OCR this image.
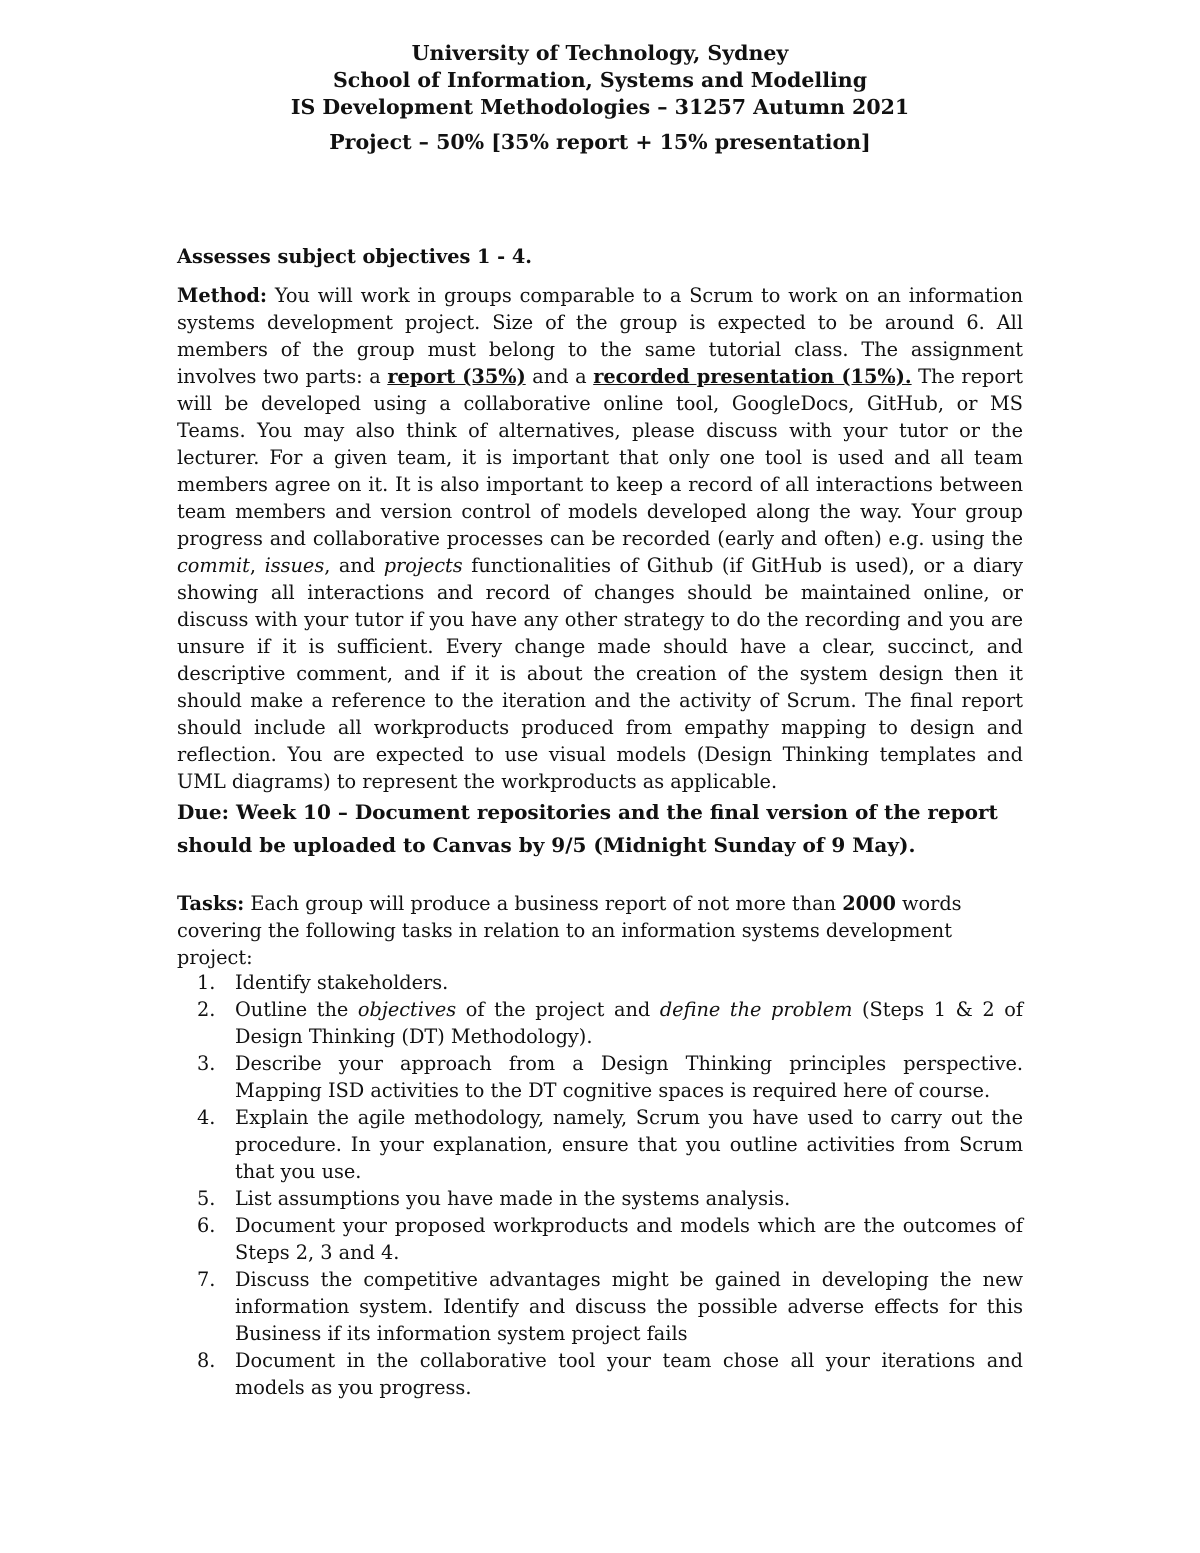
University of Technology, Sydney
School of Information, Systems and Modelling
IS Development Methodologies – 31257 Autumn 2021
Project – 50% [35% report + 15% presentation]
Assesses subject objectives 1 - 4.
Method: You will work in groups comparable to a Scrum to work on an information systems development project. Size of the group is expected to be around 6. All members of the group must belong to the same tutorial class. The assignment involves two parts: a report (35%) and a recorded presentation (15%). The report will be developed using a collaborative online tool, GoogleDocs, GitHub, or MS Teams. You may also think of alternatives, please discuss with your tutor or the lecturer. For a given team, it is important that only one tool is used and all team members agree on it. It is also important to keep a record of all interactions between team members and version control of models developed along the way. Your group progress and collaborative processes can be recorded (early and often) e.g. using the commit, issues, and projects functionalities of Github (if GitHub is used), or a diary showing all interactions and record of changes should be maintained online, or discuss with your tutor if you have any other strategy to do the recording and you are unsure if it is sufficient. Every change made should have a clear, succinct, and descriptive comment, and if it is about the creation of the system design then it should make a reference to the iteration and the activity of Scrum. The final report should include all workproducts produced from empathy mapping to design and reflection. You are expected to use visual models (Design Thinking templates and UML diagrams) to represent the workproducts as applicable.
Due: Week 10 – Document repositories and the final version of the report should be uploaded to Canvas by 9/5 (Midnight Sunday of 9 May).
Tasks: Each group will produce a business report of not more than 2000 words covering the following tasks in relation to an information systems development project:
1. Identify stakeholders.
2. Outline the objectives of the project and define the problem (Steps 1 & 2 of Design Thinking (DT) Methodology).
3. Describe your approach from a Design Thinking principles perspective. Mapping ISD activities to the DT cognitive spaces is required here of course.
4. Explain the agile methodology, namely, Scrum you have used to carry out the procedure. In your explanation, ensure that you outline activities from Scrum that you use.
5. List assumptions you have made in the systems analysis.
6. Document your proposed workproducts and models which are the outcomes of Steps 2, 3 and 4.
7. Discuss the competitive advantages might be gained in developing the new information system. Identify and discuss the possible adverse effects for this Business if its information system project fails
8. Document in the collaborative tool your team chose all your iterations and models as you progress.
